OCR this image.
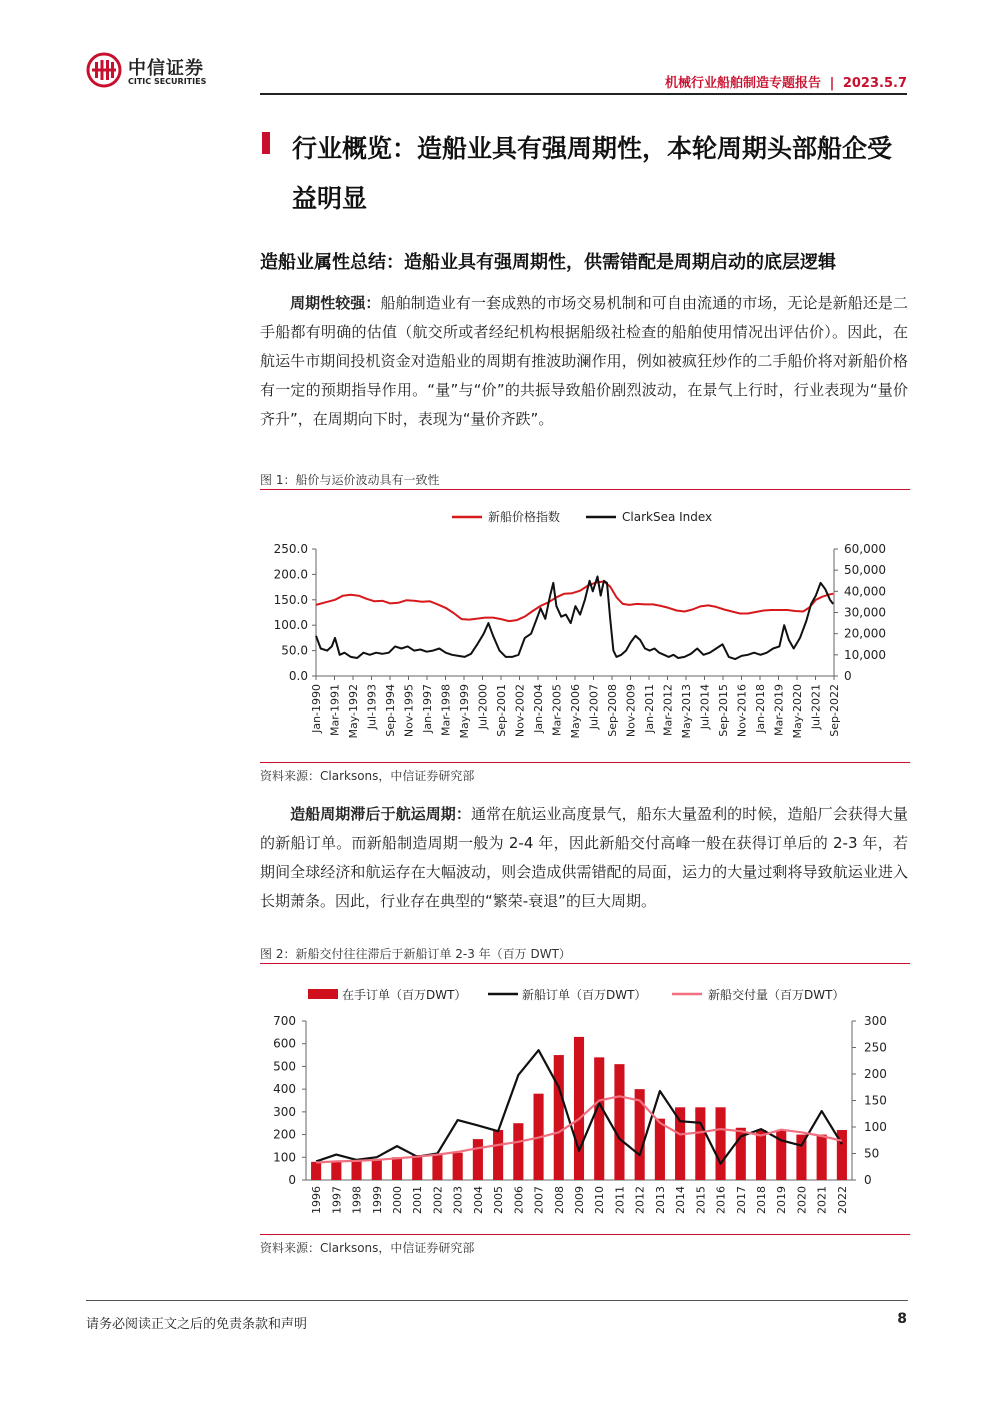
中信证券
CITIC SECURITIES	机械行业船舶制造专题报告 | 2023.5.7
行业概览：造船业具有强周期性，本轮周期头部船企受益明显
造船业属性总结：造船业具有强周期性，供需错配是周期启动的底层逻辑
周期性较强：船舶制造业有一套成熟的市场交易机制和可自由流通的市场，无论是新船还是二手船都有明确的估值（航交所或者经纪机构根据船级社检查的船舶使用情况出评估价）。因此，在航运牛市期间投机资金对造船业的周期有推波助澜作用，例如被疯狂炒作的二手船价将对新船价格有一定的预期指导作用。“量”与“价”的共振导致船价剧烈波动，在景气上行时，行业表现为“量价齐升”，在周期向下时，表现为“量价齐跌”。
图 1：船价与运价波动具有一致性
0.0
50.0
100.0
150.0
200.0
250.0
0
10,000
20,000
30,000
40,000
50,000
60,000
Jan-1990 Mar-1991 May-1992 Jul-1993 Sep-1994 Nov-1995 Jan-1997 Mar-1998 May-1999 Jul-2000 Sep-2001 Nov-2002 Jan-2004 Mar-2005 May-2006 Jul-2007 Sep-2008 Nov-2009 Jan-2011 Mar-2012 May-2013 Jul-2014 Sep-2015 Nov-2016 Jan-2018 Mar-2019 May-2020 Jul-2021 Sep-2022
新船价格指数	ClarkSea Index
资料来源：Clarksons，中信证券研究部
造船周期滞后于航运周期：通常在航运业高度景气，船东大量盈利的时候，造船厂会获得大量的新船订单。而新船制造周期一般为 2-4 年，因此新船交付高峰一般在获得订单后的 2-3 年，若期间全球经济和航运存在大幅波动，则会造成供需错配的局面，运力的大量过剩将导致航运业进入长期萧条。因此，行业存在典型的“繁荣-衰退”的巨大周期。
图 2：新船交付往往滞后于新船订单 2-3 年（百万 DWT）
0
100
200
300
400
500
600
700
0
50
100
150
200
250
300
1996 1997 1998 1999 2000 2001 2002 2003 2004 2005 2006 2007 2008 2009 2010 2011 2012 2013 2014 2015 2016 2017 2018 2019 2020 2021 2022
在手订单（百万DWT）	新船订单（百万DWT）	新船交付量（百万DWT）
资料来源：Clarksons，中信证券研究部
请务必阅读正文之后的免责条款和声明	8
